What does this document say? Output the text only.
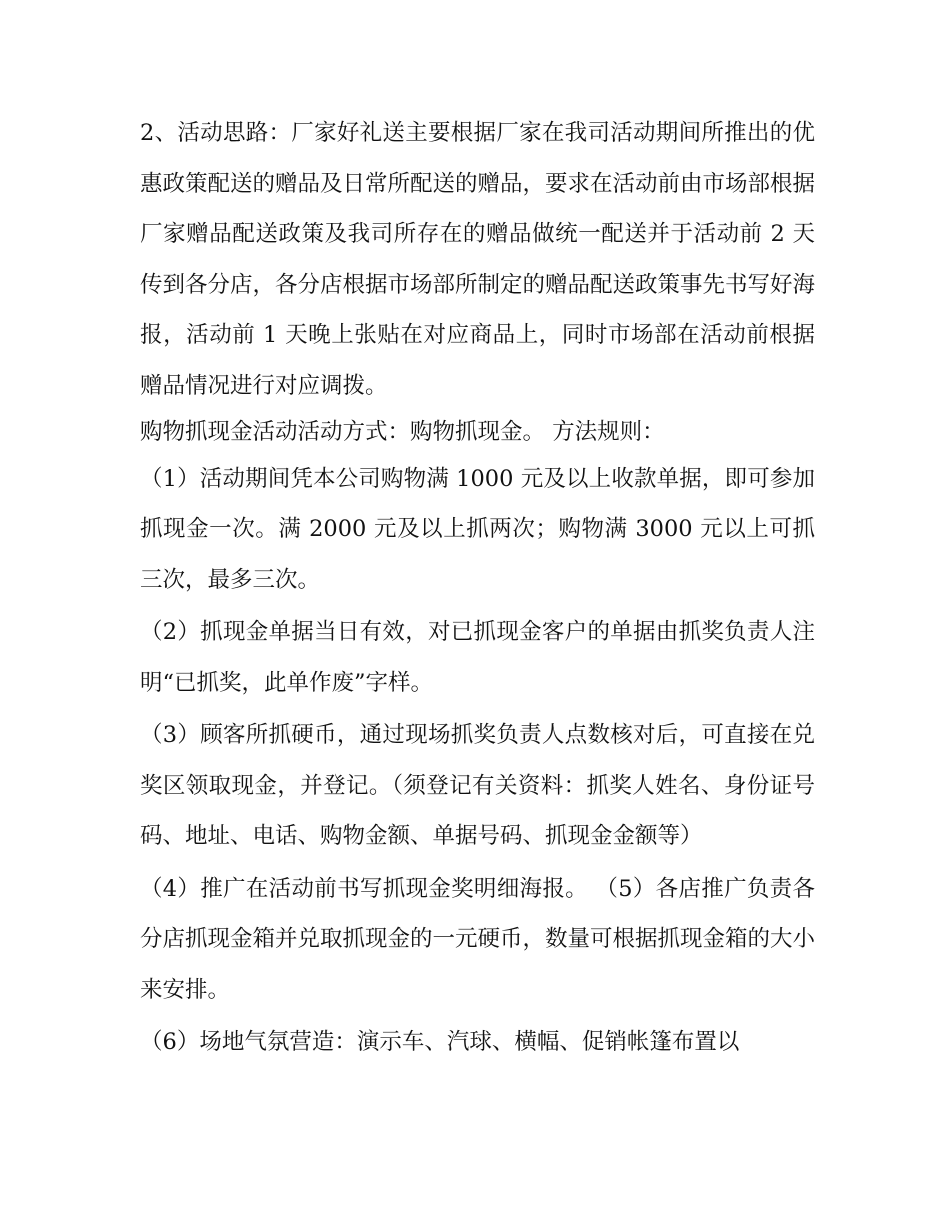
2、活动思路：厂家好礼送主要根据厂家在我司活动期间所推出的优惠政策配送的赠品及日常所配送的赠品，要求在活动前由市场部根据厂家赠品配送政策及我司所存在的赠品做统一配送并于活动前 2 天传到各分店，各分店根据市场部所制定的赠品配送政策事先书写好海报，活动前 1 天晚上张贴在对应商品上，同时市场部在活动前根据赠品情况进行对应调拨。

购物抓现金活动活动方式：购物抓现金。 方法规则：

（1）活动期间凭本公司购物满 1000 元及以上收款单据，即可参加抓现金一次。满 2000 元及以上抓两次；购物满 3000 元以上可抓三次，最多三次。

（2）抓现金单据当日有效，对已抓现金客户的单据由抓奖负责人注明“已抓奖，此单作废”字样。

（3）顾客所抓硬币，通过现场抓奖负责人点数核对后，可直接在兑奖区领取现金，并登记。（须登记有关资料：抓奖人姓名、身份证号码、地址、电话、购物金额、单据号码、抓现金金额等）

（4）推广在活动前书写抓现金奖明细海报。 （5）各店推广负责各分店抓现金箱并兑取抓现金的一元硬币，数量可根据抓现金箱的大小来安排。

（6）场地气氛营造：演示车、汽球、横幅、促销帐篷布置以
